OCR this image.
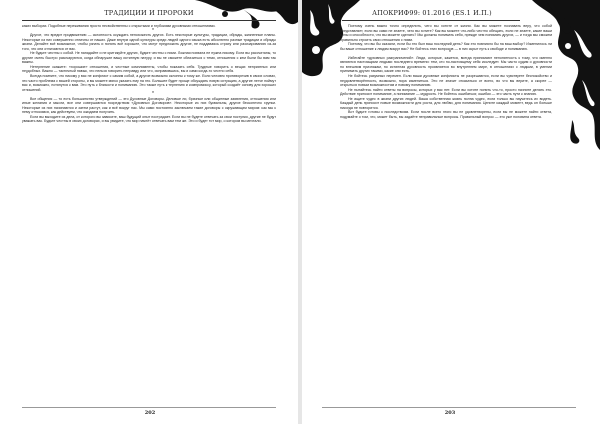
ТРАДИЦИИ И ПРОРОКИ

каких выборах. Подобные переживания просто несвойственны с открытыми и глубокими духовными отношениями.

*

Другое, что вредит продвижению — склонность осуждать непохожесть других. Есть некоторые культуры, традиции, обряды, жизненные планы. Некоторые из них совершенно отличны от наших. Даже внутри одной культуры среди людей одного языка есть абсолютно разные традиции и обряды жизни. Делайте всё возможное, чтобы узнать и понять всё хорошее, что могут предложить другие, не поддаваясь страху или разочарованию из-за того, что они отличаются от вас.

Не будьте честны с собой. Не нападайте и не критикуйте других, будьте честны с ними. Ложная похвала не нужна никому. Если вы рассчитаны, то другие очень быстро разочаруются, когда обнаружат вашу истинную натуру, и вы не сможете сблизиться с теми, отношения с кем были бы вам так важны.

Нетерпение скажите: «хорошие» отношения, и честные комплименты, чтобы показать себя. Трудные говорить о вещах неприятных или неудобных. Важно — тактичный навык, что нельзя говорить неправду или что, исправившись, вы и сами когда-то честно себя.

Всегда помните, что никому у вас не конфликт с самим собой, а другие возможно склонны к тому же. Если человек противоречив в своих словах, это часто проблема с вашей стороны, и вы можете мягко указать ему на это. Большее будет проще обсуждать новую ситуацию, а другие легче поймут вас и, возможно, потянутся к вам. Это путь к близости и пониманию. Это также путь к терпению и компромиссу, который создаёт основу для хороших отношений.

*

Все общения — то есть большинство утверждений — это Духовные Договоры. Деловые ли, брачные или общинные заявления, отношения или иные желания и мысли, все они совершаются посредством «Духовных Договоров». Некоторые из них буквальны, другие бесконечно хрупки. Некоторые из них начинаются и затем растут, как и всё вокруг нас. Мы сами постоянно заключаем такие договоры с окружающим миром: как мы к нему относимся, как действуем, что ожидаем получить.

Если вы выходите из дела, от которого вы зависите, ваш будущий опыт пострадает. Если вы не будете отвечать за свои поступки, другие не будут уважать вас. Будьте честны в своих договорах, и вы увидите, что мир начнёт отвечать вам тем же. Это и будет тот мир, о котором вы мечтали.

202
АПОКРИФ99: 01.2016 (ES.1 И.П.)

Поэтому очень важно точно определить, чего вы хотите от жизни. Как вы можете познавать веру, что собой представляет, если вы сами не знаете, чего вы хотите? Как вы можете что-либо честно обещать, если не знаете, какие ваши силы и способности, что вы можете сделать? Мы должны понимать себя, прежде чем понимать других, — и тогда мы сможем правильно строить свои отношения с ними.

Поэтому, что вы бы сказали, если бы это был ваш последний день? Как это повлияло бы на ваш выбор? Изменилось ли бы ваше отношение к людям вокруг вас? Не бойтесь этих вопросов — в них скрыт путь к свободе и пониманию.

*

Избегайте «духовных разграничений». Люди, которые, кажется, всегда принимают непонятность к тому, что именно являются настоящими людьми последнего времени: тем, кто по-настоящему себя исследует. Мы часто судим о духовности по внешним признакам, но истинная духовность проявляется во внутреннем мире, в отношениях с людьми, в умении принимать других такими, какие они есть.

Не бойтесь разумных перемен. Если ваши духовные конфликты не разрешаются, если вы чувствуете беспокойство и неудовлетворённость, возможно, пора измениться. Это не значит отказаться от всего, во что вы верите, а скорее — открыться новым возможностям и новому пониманию.

Не пытайтесь найти ответы на вопросы, которых у вас нет. Если вы хотите понять что-то, просто начните делать это. Действие приносит понимание, а понимание — мудрость. Не бойтесь ошибаться; ошибки — это часть пути к знанию.

Не ищите чудес в жизни других людей. Ваша собственная жизнь полна чудес, если только вы научитесь их видеть. Каждый день приносит новые возможности для роста, для любви, для понимания. Цените каждый момент, ведь он больше никогда не повторится.

Вот будьте готовы к последствиям. Если после всего этого вы не удовлетворены, если вы не можете найти ответа, подумайте о том, что, может быть, вы задаёте неправильные вопросы. Правильный вопрос — это уже половина ответа.

203
